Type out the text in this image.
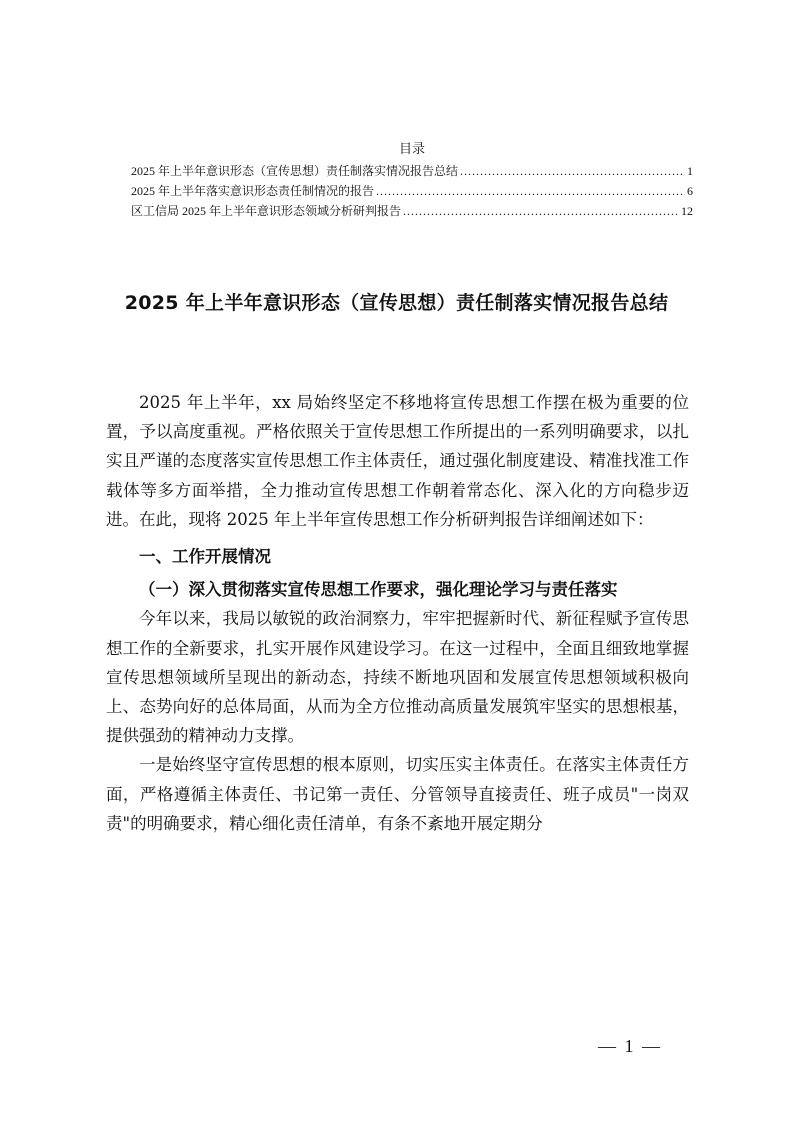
目录
2025 年上半年意识形态（宣传思想）责任制落实情况报告总结 .....	1
2025 年上半年落实意识形态责任制情况的报告 .....	6
区工信局 2025 年上半年意识形态领域分析研判报告 .....	12
2025 年上半年意识形态（宣传思想）责任制落实情况报告总结

2025 年上半年，xx 局始终坚定不移地将宣传思想工作摆在极为重要的位置，予以高度重视。严格依照关于宣传思想工作所提出的一系列明确要求，以扎实且严谨的态度落实宣传思想工作主体责任，通过强化制度建设、精准找准工作载体等多方面举措，全力推动宣传思想工作朝着常态化、深入化的方向稳步迈进。在此，现将 2025 年上半年宣传思想工作分析研判报告详细阐述如下：

一、工作开展情况

（一）深入贯彻落实宣传思想工作要求，强化理论学习与责任落实

今年以来，我局以敏锐的政治洞察力，牢牢把握新时代、新征程赋予宣传思想工作的全新要求，扎实开展作风建设学习。在这一过程中，全面且细致地掌握宣传思想领域所呈现出的新动态，持续不断地巩固和发展宣传思想领域积极向上、态势向好的总体局面，从而为全方位推动高质量发展筑牢坚实的思想根基，提供强劲的精神动力支撑。

一是始终坚守宣传思想的根本原则，切实压实主体责任。在落实主体责任方面，严格遵循主体责任、书记第一责任、分管领导直接责任、班子成员"一岗双责"的明确要求，精心细化责任清单，有条不紊地开展定期分

— 1 —
